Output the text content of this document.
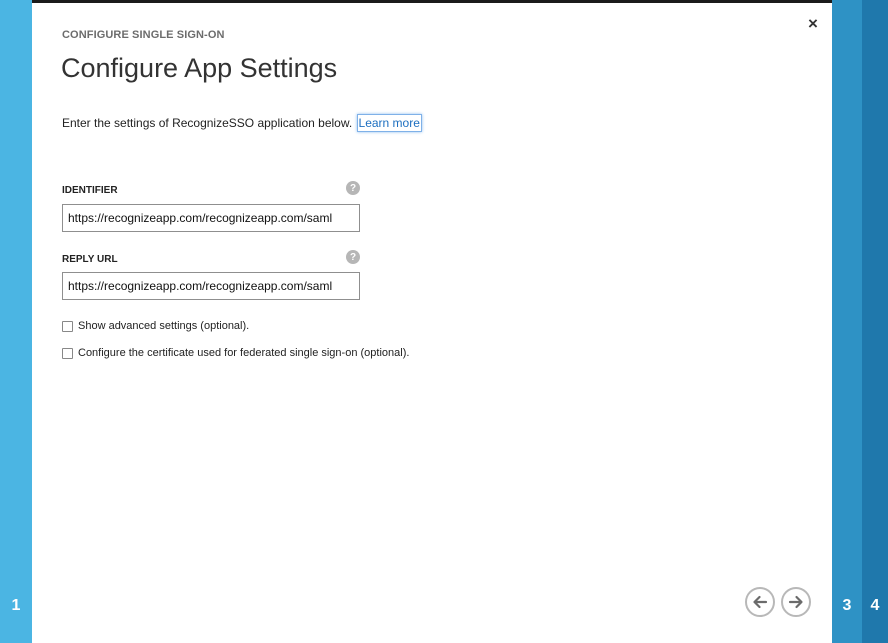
1
CONFIGURE SINGLE SIGN-ON
Configure App Settings
×
Enter the settings of RecognizeSSO application below. Learn more
IDENTIFIER	?
https://recognizeapp.com/recognizeapp.com/saml
REPLY URL	?
https://recognizeapp.com/recognizeapp.com/saml
Show advanced settings (optional).
Configure the certificate used for federated single sign-on (optional).
3 4
